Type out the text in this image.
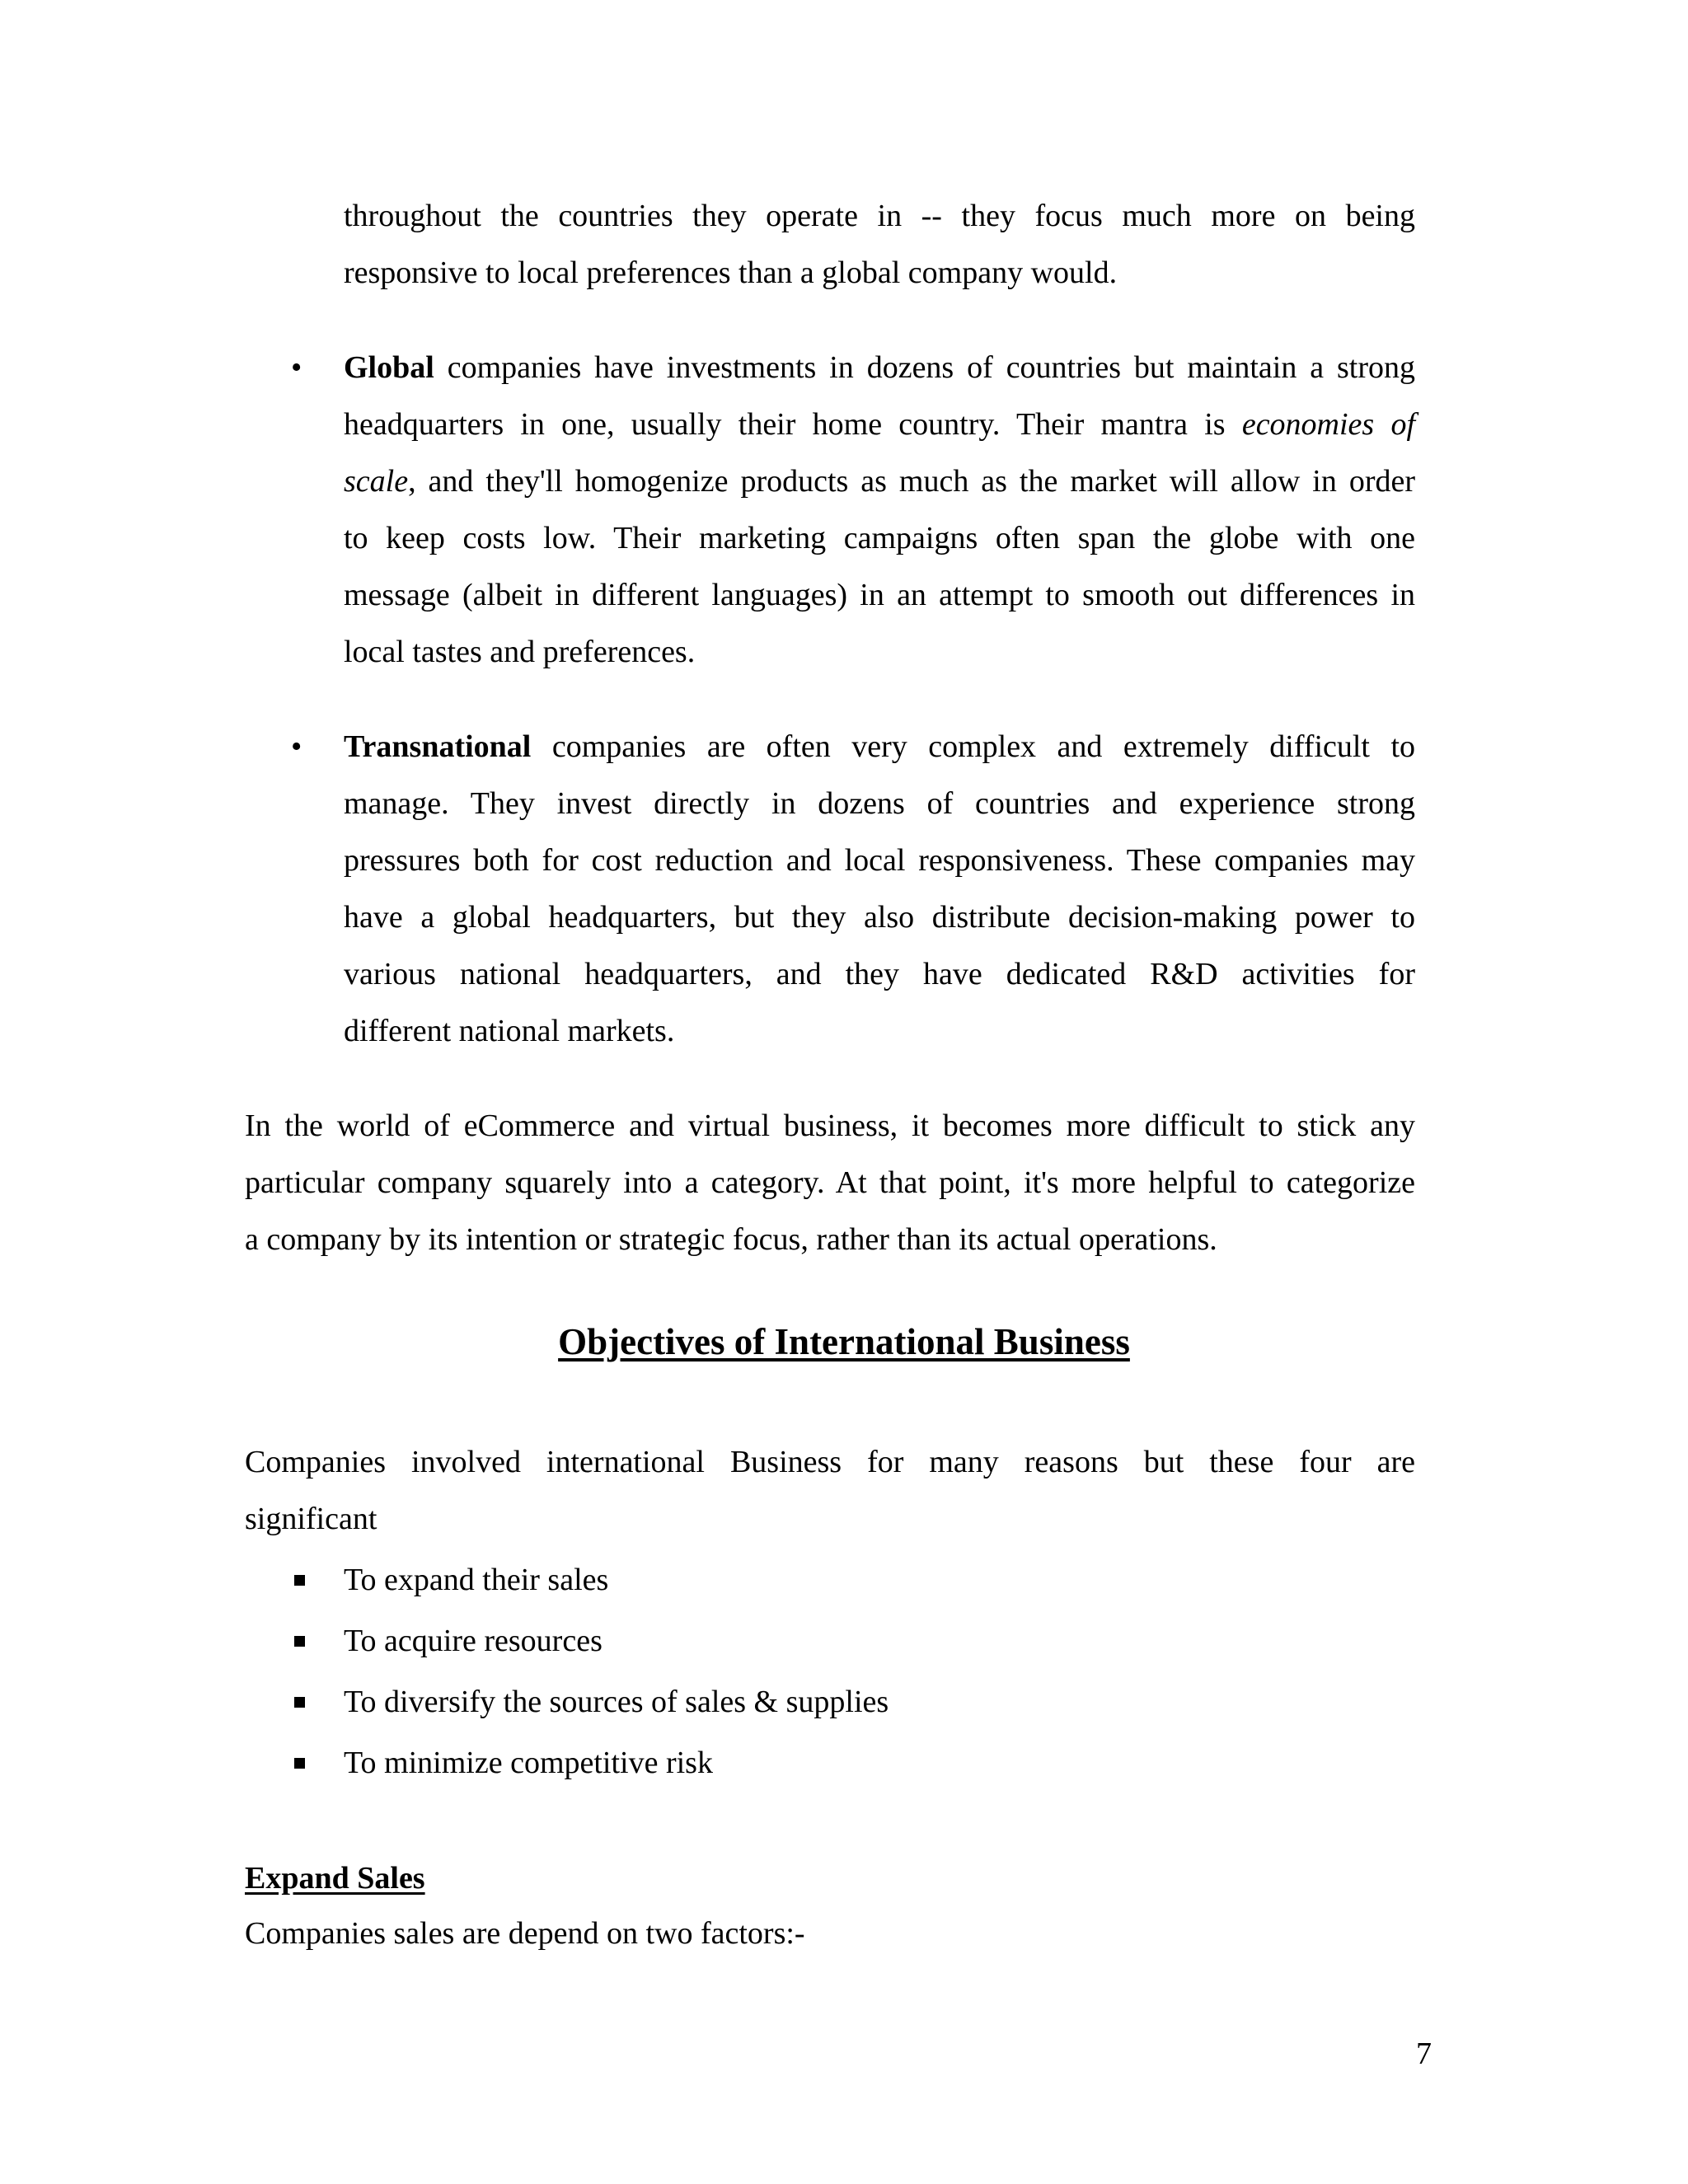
throughout the countries they operate in -- they focus much more on being
responsive to local preferences than a global company would.
• Global companies have investments in dozens of countries but maintain a strong
headquarters in one, usually their home country. Their mantra is economies of
scale, and they'll homogenize products as much as the market will allow in order
to keep costs low. Their marketing campaigns often span the globe with one
message (albeit in different languages) in an attempt to smooth out differences in
local tastes and preferences.
• Transnational companies are often very complex and extremely difficult to
manage. They invest directly in dozens of countries and experience strong
pressures both for cost reduction and local responsiveness. These companies may
have a global headquarters, but they also distribute decision-making power to
various national headquarters, and they have dedicated R&D activities for
different national markets.
In the world of eCommerce and virtual business, it becomes more difficult to stick any
particular company squarely into a category. At that point, it's more helpful to categorize
a company by its intention or strategic focus, rather than its actual operations.
Objectives of International Business
Companies involved international Business for many reasons but these four are
significant
To expand their sales
To acquire resources
To diversify the sources of sales & supplies
To minimize competitive risk
Expand Sales
Companies sales are depend on two factors:-
7
